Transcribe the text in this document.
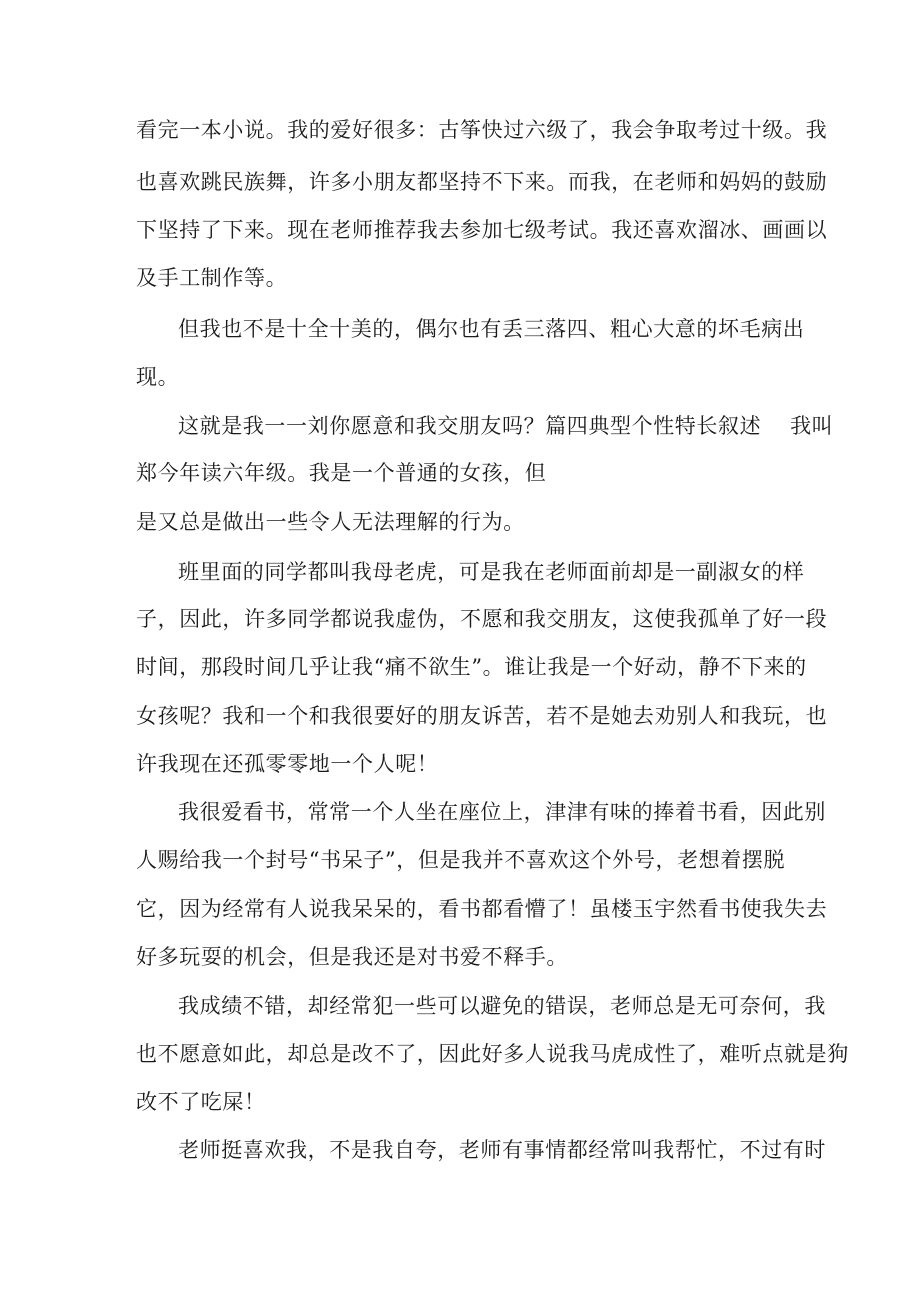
看完一本小说。我的爱好很多：古筝快过六级了，我会争取考过十级。我
也喜欢跳民族舞，许多小朋友都坚持不下来。而我，在老师和妈妈的鼓励
下坚持了下来。现在老师推荐我去参加七级考试。我还喜欢溜冰、画画以
及手工制作等。
但我也不是十全十美的，偶尔也有丢三落四、粗心大意的坏毛病出
现。
这就是我一一刘你愿意和我交朋友吗？篇四典型个性特长叙述　 我叫
郑今年读六年级。我是一个普通的女孩，但
是又总是做出一些令人无法理解的行为。
班里面的同学都叫我母老虎，可是我在老师面前却是一副淑女的样
子，因此，许多同学都说我虚伪，不愿和我交朋友，这使我孤单了好一段
时间，那段时间几乎让我“痛不欲生”。谁让我是一个好动，静不下来的
女孩呢？我和一个和我很要好的朋友诉苦，若不是她去劝别人和我玩，也
许我现在还孤零零地一个人呢！
我很爱看书，常常一个人坐在座位上，津津有味的捧着书看，因此别
人赐给我一个封号“书呆子”，但是我并不喜欢这个外号，老想着摆脱
它，因为经常有人说我呆呆的，看书都看懵了！虽楼玉宇然看书使我失去
好多玩耍的机会，但是我还是对书爱不释手。
我成绩不错，却经常犯一些可以避免的错误，老师总是无可奈何，我
也不愿意如此，却总是改不了，因此好多人说我马虎成性了，难听点就是狗
改不了吃屎！
老师挺喜欢我，不是我自夸，老师有事情都经常叫我帮忙，不过有时
